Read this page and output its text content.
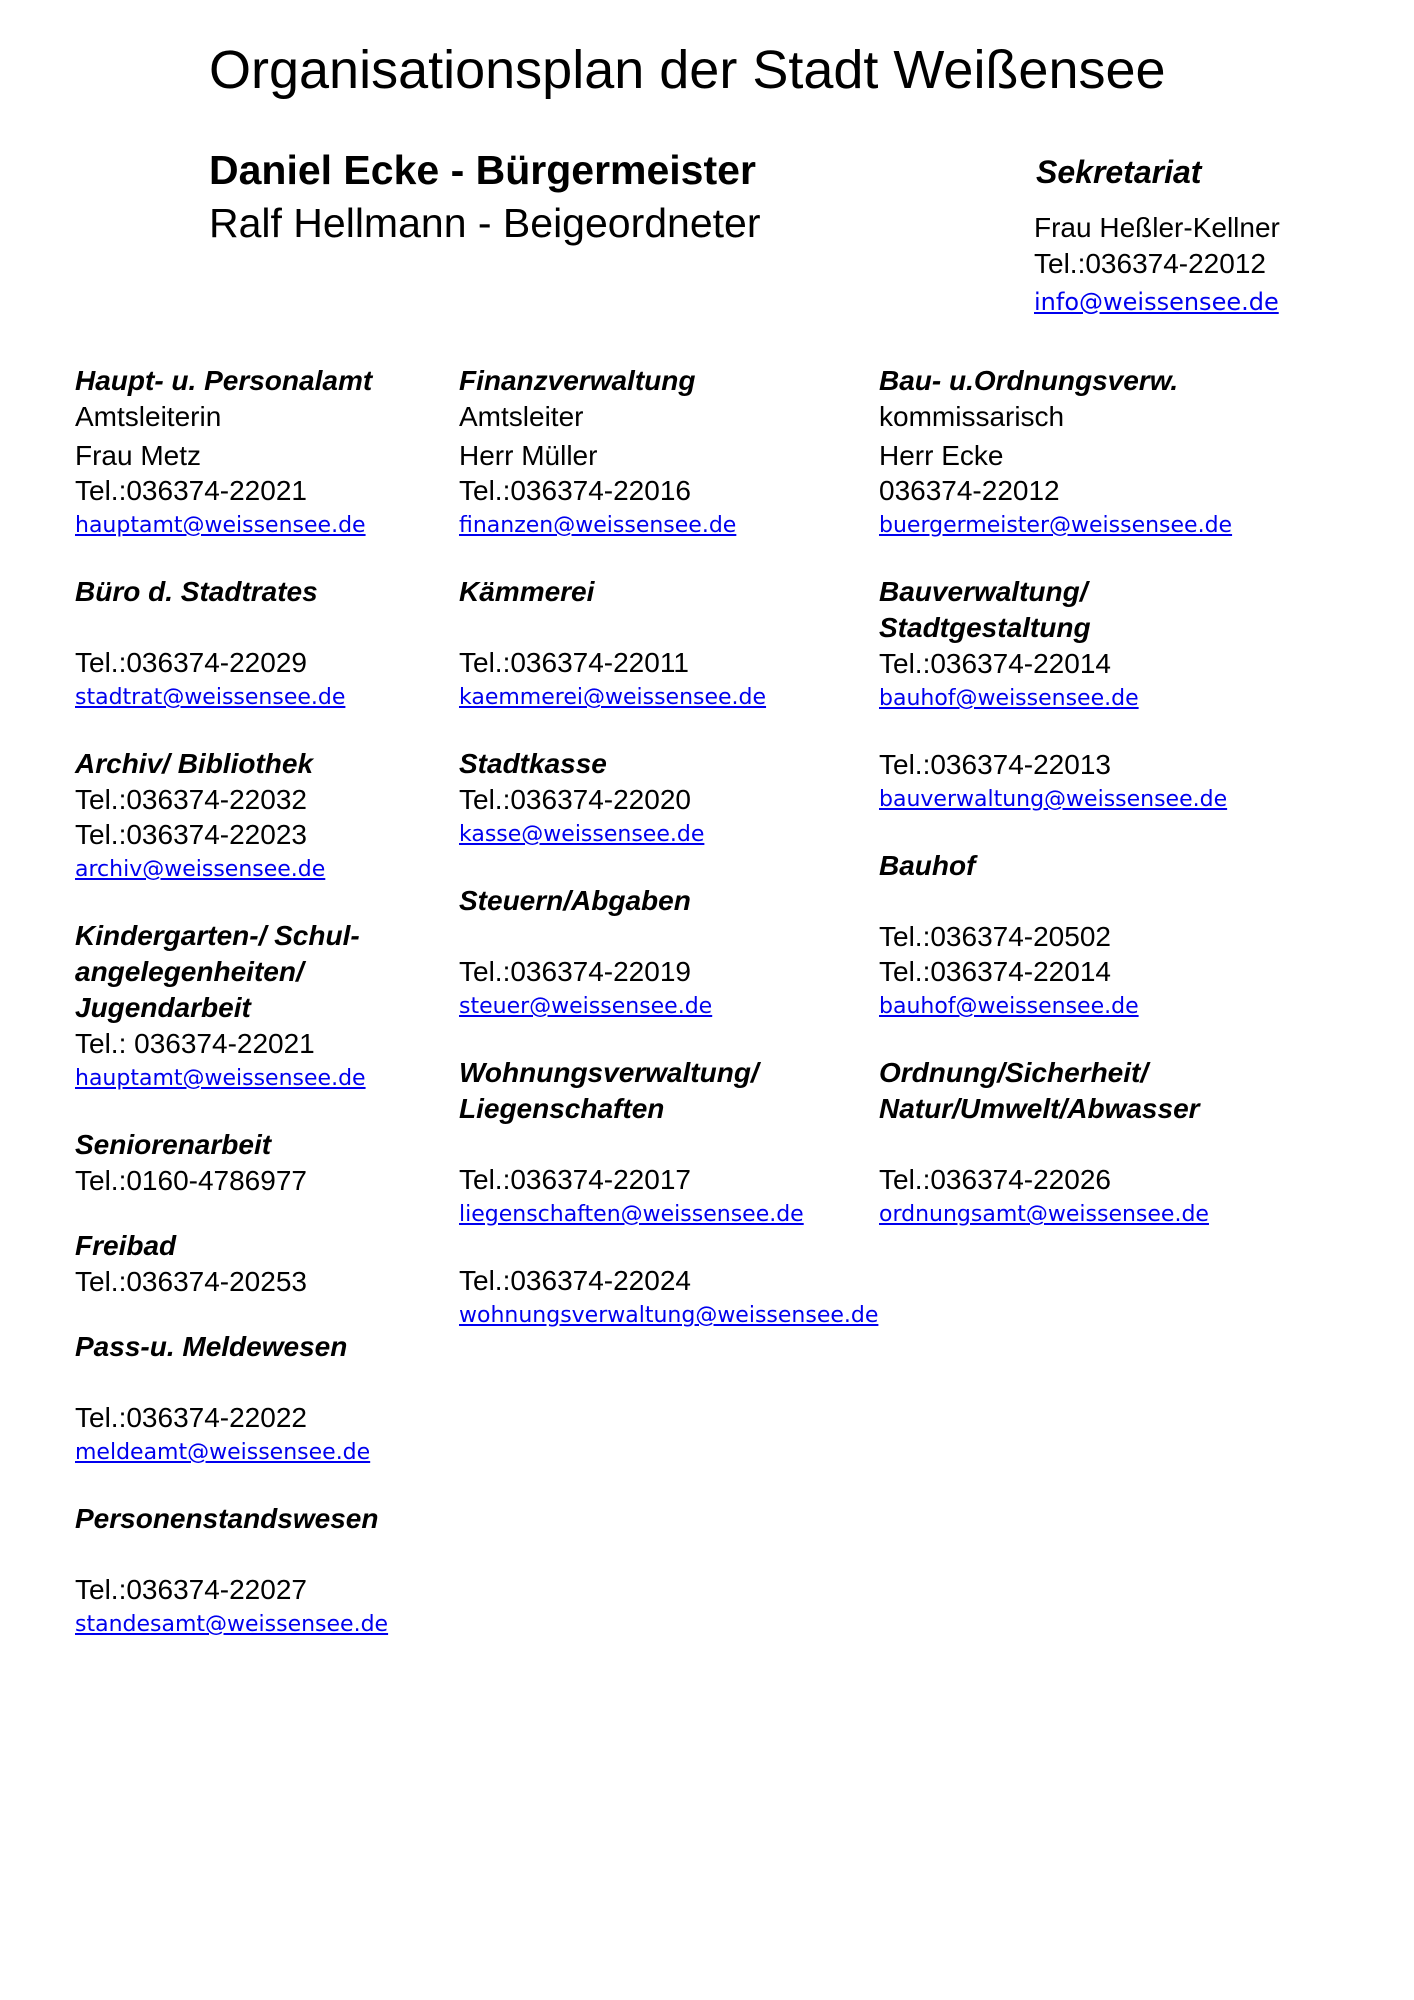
Organisationsplan der Stadt Weißensee
Daniel Ecke - Bürgermeister
Ralf Hellmann - Beigeordneter
Sekretariat
Frau Heßler-Kellner
Tel.:036374-22012
info@weissensee.de
Haupt- u. Personalamt
Amtsleiterin
Frau Metz
Tel.:036374-22021
hauptamt@weissensee.de
Büro d. Stadtrates
Tel.:036374-22029
stadtrat@weissensee.de
Archiv/ Bibliothek
Tel.:036374-22032
Tel.:036374-22023
archiv@weissensee.de
Kindergarten-/ Schul-
angelegenheiten/
Jugendarbeit
Tel.: 036374-22021
hauptamt@weissensee.de
Seniorenarbeit
Tel.:0160-4786977
Freibad
Tel.:036374-20253
Pass-u. Meldewesen
Tel.:036374-22022
meldeamt@weissensee.de
Personenstandswesen
Tel.:036374-22027
standesamt@weissensee.de
Finanzverwaltung
Amtsleiter
Herr Müller
Tel.:036374-22016
finanzen@weissensee.de
Kämmerei
Tel.:036374-22011
kaemmerei@weissensee.de
Stadtkasse
Tel.:036374-22020
kasse@weissensee.de
Steuern/Abgaben
Tel.:036374-22019
steuer@weissensee.de
Wohnungsverwaltung/
Liegenschaften
Tel.:036374-22017
liegenschaften@weissensee.de
Tel.:036374-22024
wohnungsverwaltung@weissensee.de
Bau- u.Ordnungsverw.
kommissarisch
Herr Ecke
036374-22012
buergermeister@weissensee.de
Bauverwaltung/
Stadtgestaltung
Tel.:036374-22014
bauhof@weissensee.de
Tel.:036374-22013
bauverwaltung@weissensee.de
Bauhof
Tel.:036374-20502
Tel.:036374-22014
bauhof@weissensee.de
Ordnung/Sicherheit/
Natur/Umwelt/Abwasser
Tel.:036374-22026
ordnungsamt@weissensee.de
